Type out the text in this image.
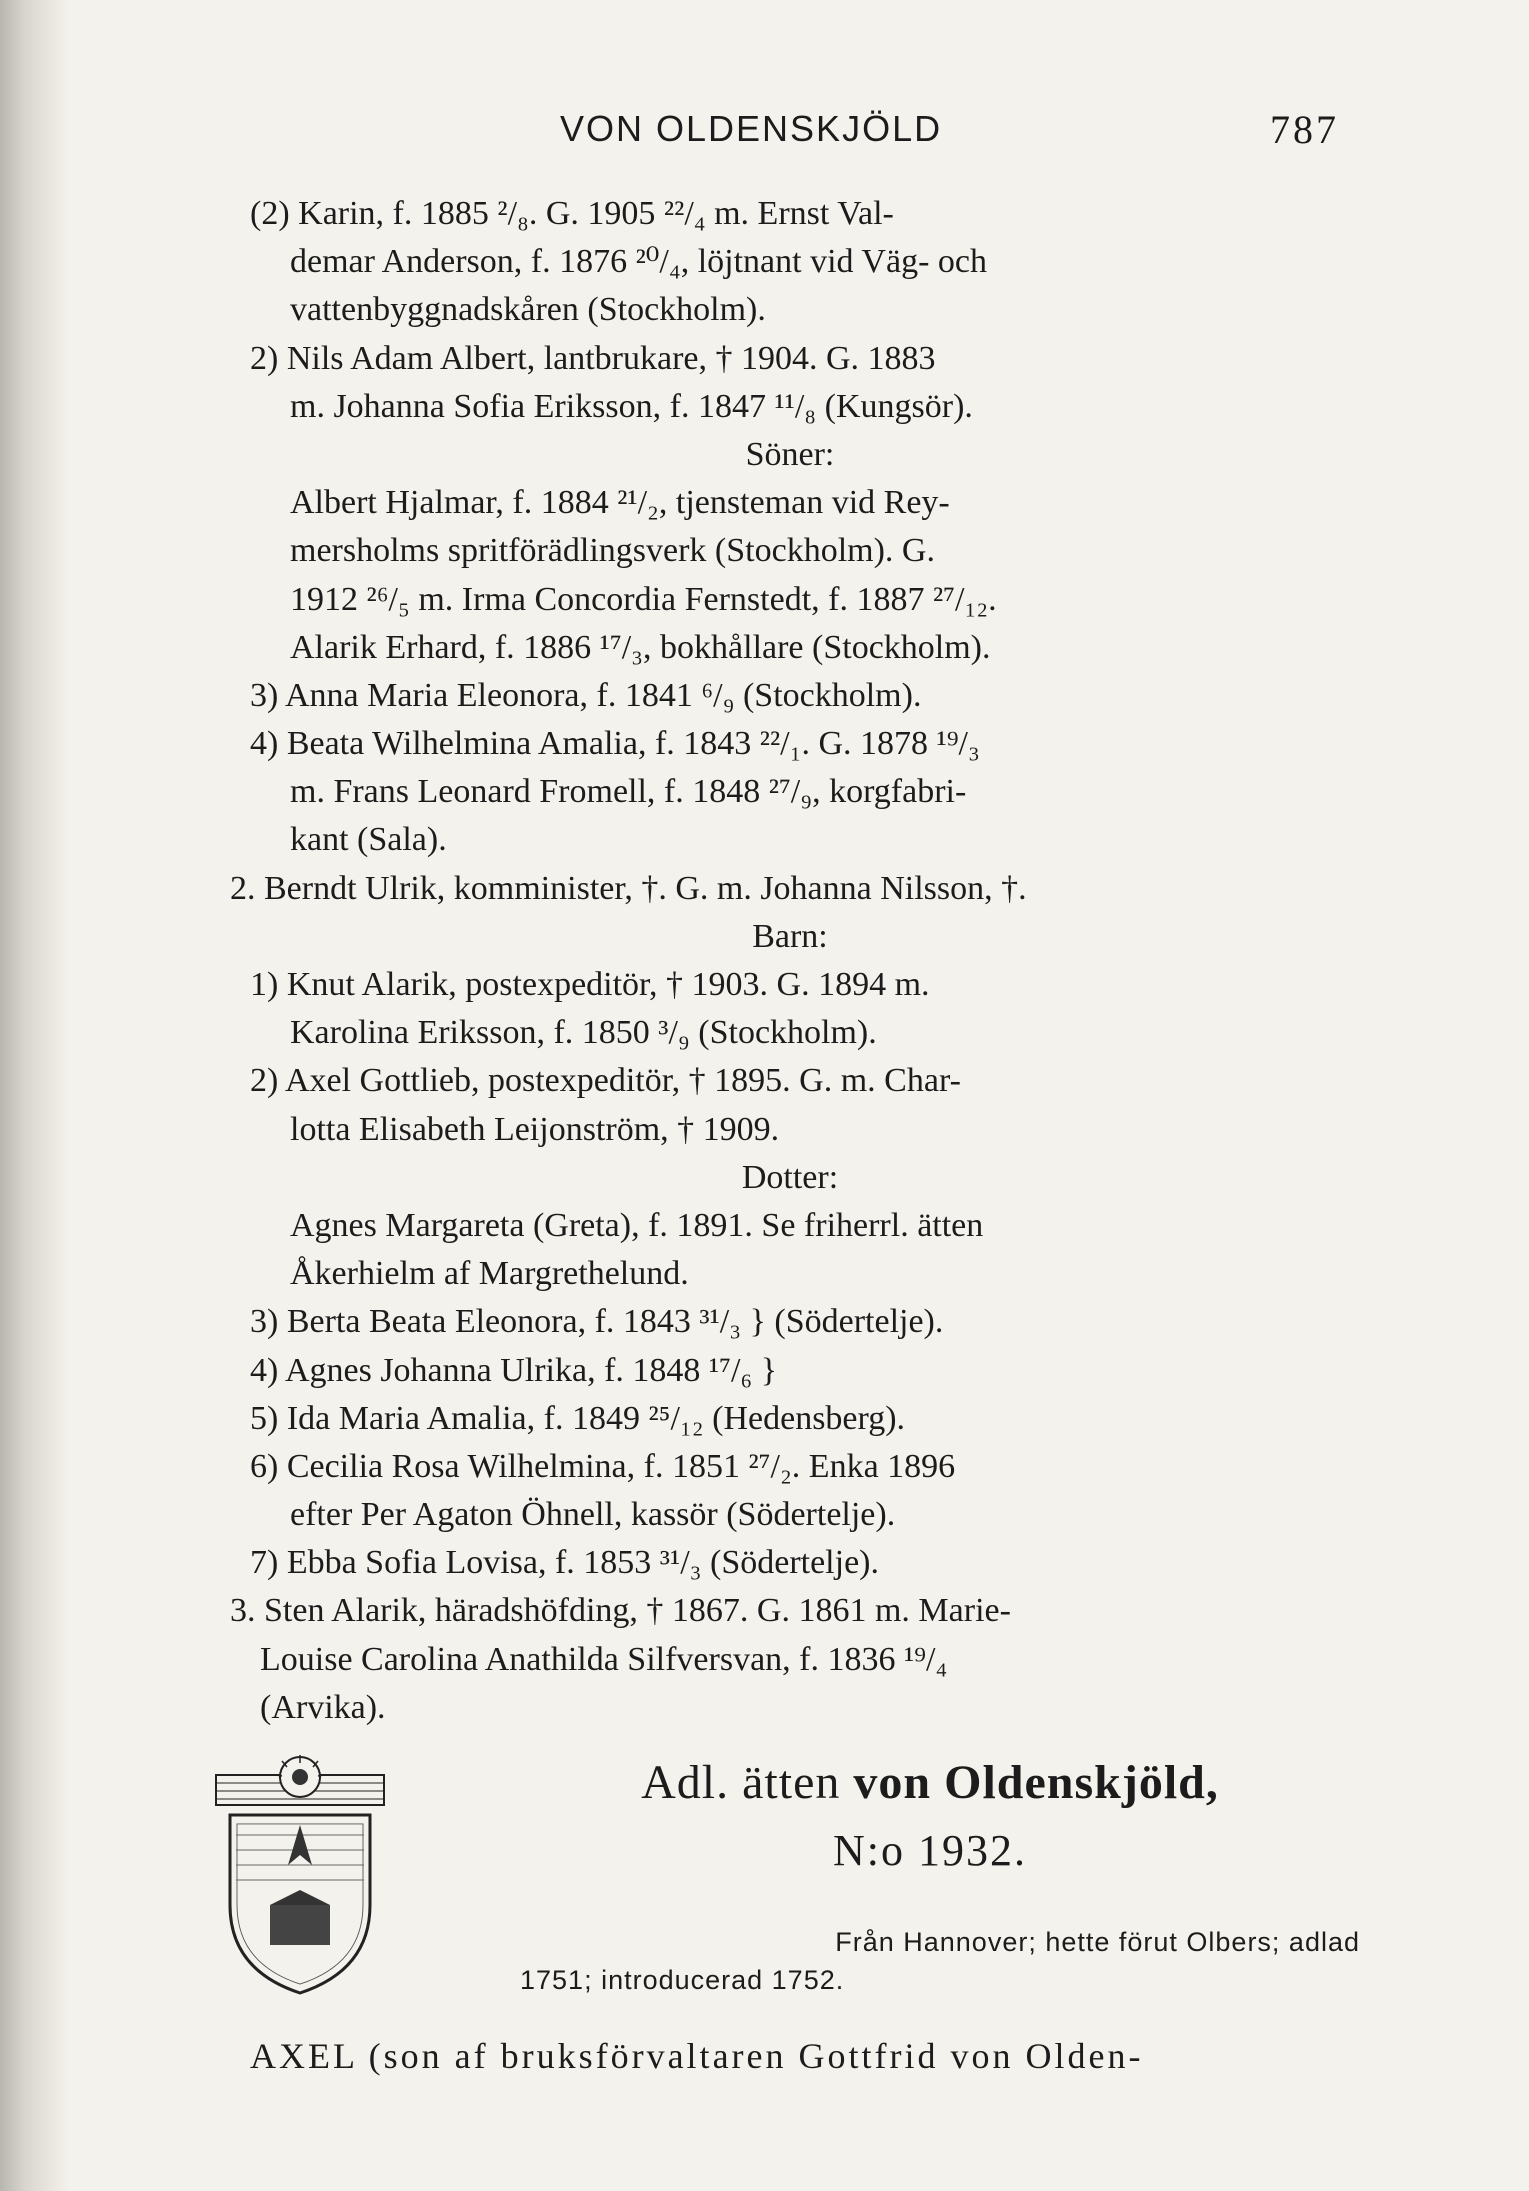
VON OLDENSKJÖLD	787
(2) Karin, f. 1885 ²/₈. G. 1905 ²²/₄ m. Ernst Val-
demar Anderson, f. 1876 ²⁰/₄, löjtnant vid Väg- och
vattenbyggnadskåren (Stockholm).
2) Nils Adam Albert, lantbrukare, † 1904. G. 1883
m. Johanna Sofia Eriksson, f. 1847 ¹¹/₈ (Kungsör).
Söner:
Albert Hjalmar, f. 1884 ²¹/₂, tjensteman vid Rey-
mersholms spritförädlingsverk (Stockholm). G.
1912 ²⁶/₅ m. Irma Concordia Fernstedt, f. 1887 ²⁷/₁₂.
Alarik Erhard, f. 1886 ¹⁷/₃, bokhållare (Stockholm).
3) Anna Maria Eleonora, f. 1841 ⁶/₉ (Stockholm).
4) Beata Wilhelmina Amalia, f. 1843 ²²/₁. G. 1878 ¹⁹/₃
m. Frans Leonard Fromell, f. 1848 ²⁷/₉, korgfabri-
kant (Sala).
2. Berndt Ulrik, komminister, †. G. m. Johanna Nilsson, †.
Barn:
1) Knut Alarik, postexpeditör, † 1903. G. 1894 m.
Karolina Eriksson, f. 1850 ³/₉ (Stockholm).
2) Axel Gottlieb, postexpeditör, † 1895. G. m. Char-
lotta Elisabeth Leijonström, † 1909.
Dotter:
Agnes Margareta (Greta), f. 1891. Se friherrl. ätten
Åkerhielm af Margrethelund.
3) Berta Beata Eleonora, f. 1843 ³¹/₃ } (Södertelje).
4) Agnes Johanna Ulrika, f. 1848 ¹⁷/₆ }
5) Ida Maria Amalia, f. 1849 ²⁵/₁₂ (Hedensberg).
6) Cecilia Rosa Wilhelmina, f. 1851 ²⁷/₂. Enka 1896
efter Per Agaton Öhnell, kassör (Södertelje).
7) Ebba Sofia Lovisa, f. 1853 ³¹/₃ (Södertelje).
3. Sten Alarik, häradshöfding, † 1867. G. 1861 m. Marie-
Louise Carolina Anathilda Silfversvan, f. 1836 ¹⁹/₄
(Arvika).
Adl. ätten von Oldenskjöld,
N:o 1932.
Från Hannover; hette förut Olbers; adlad
1751; introducerad 1752.
AXEL (son af bruksförvaltaren Gottfrid von Olden-
